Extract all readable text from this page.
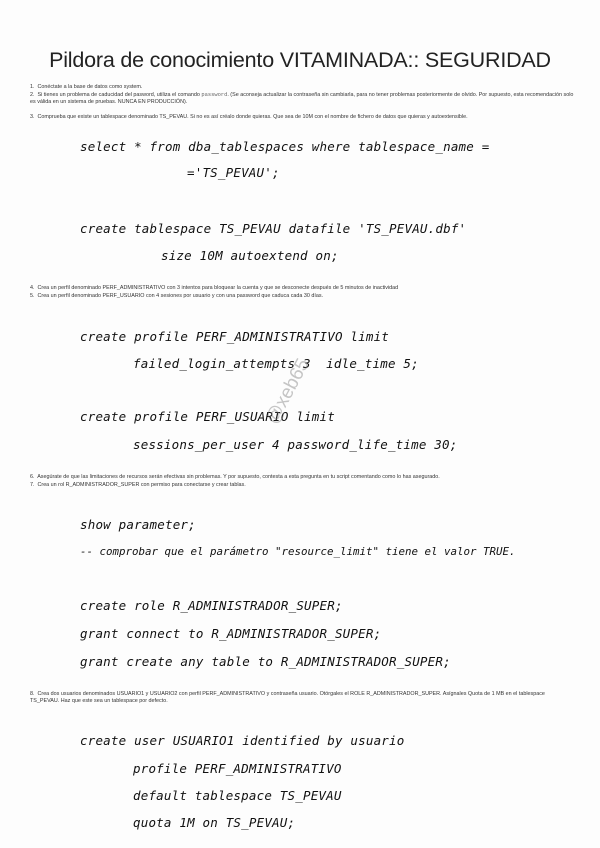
Pildora de conocimiento VITAMINADA:: SEGURIDAD
1. Conéctate a la base de datos como system.
2. Si tienes un problema de caducidad del pasword, utiliza el comando password. (Se aconseja actualizar la contraseña sin cambiarla, para no tener problemas posteriormente de olvido. Por supuesto, esta recomendación solo es válida en un sistema de pruebas. NUNCA EN PRODUCCIÓN).
3. Comprueba que existe un tablespace denominado TS_PEVAU. Si no es así créalo donde quieras. Que sea de 10M con el nombre de fichero de datos que quieras y autoextensible.
select * from dba_tablespaces where tablespace_name =
='TS_PEVAU';
create tablespace TS_PEVAU datafile 'TS_PEVAU.dbf'
size 10M autoextend on;
4. Crea un perfil denominado PERF_ADMINISTRATIVO con 3 intentos para bloquear la cuenta y que se desconecte después de 5 minutos de inactividad
5. Crea un perfil denominado PERF_USUARIO con 4 sesiones por usuario y con una password que caduca cada 30 días.
create profile PERF_ADMINISTRATIVO limit
failed_login_attempts 3  idle_time 5;
create profile PERF_USUARIO limit
sessions_per_user 4 password_life_time 30;
@xeb65
6. Asegúrate de que las limitaciones de recursos serán efectivas sin problemas. Y por supuesto, contesta a esta pregunta en tu script comentando como lo has asegurado.
7. Crea un rol R_ADMINISTRADOR_SUPER con permiso para conectarse y crear tablas.
show parameter;
-- comprobar que el parámetro "resource_limit" tiene el valor TRUE.
create role R_ADMINISTRADOR_SUPER;
grant connect to R_ADMINISTRADOR_SUPER;
grant create any table to R_ADMINISTRADOR_SUPER;
8. Crea dos usuarios denominados USUARIO1 y USUARIO2 con perfil PERF_ADMINISTRATIVO y contraseña usuario. Otórgales el ROLE R_ADMINISTRADOR_SUPER. Asígnales Quota de 1 MB en el tablespace TS_PEVAU. Haz que este sea un tablespace por defecto.
create user USUARIO1 identified by usuario
profile PERF_ADMINISTRATIVO
default tablespace TS_PEVAU
quota 1M on TS_PEVAU;
